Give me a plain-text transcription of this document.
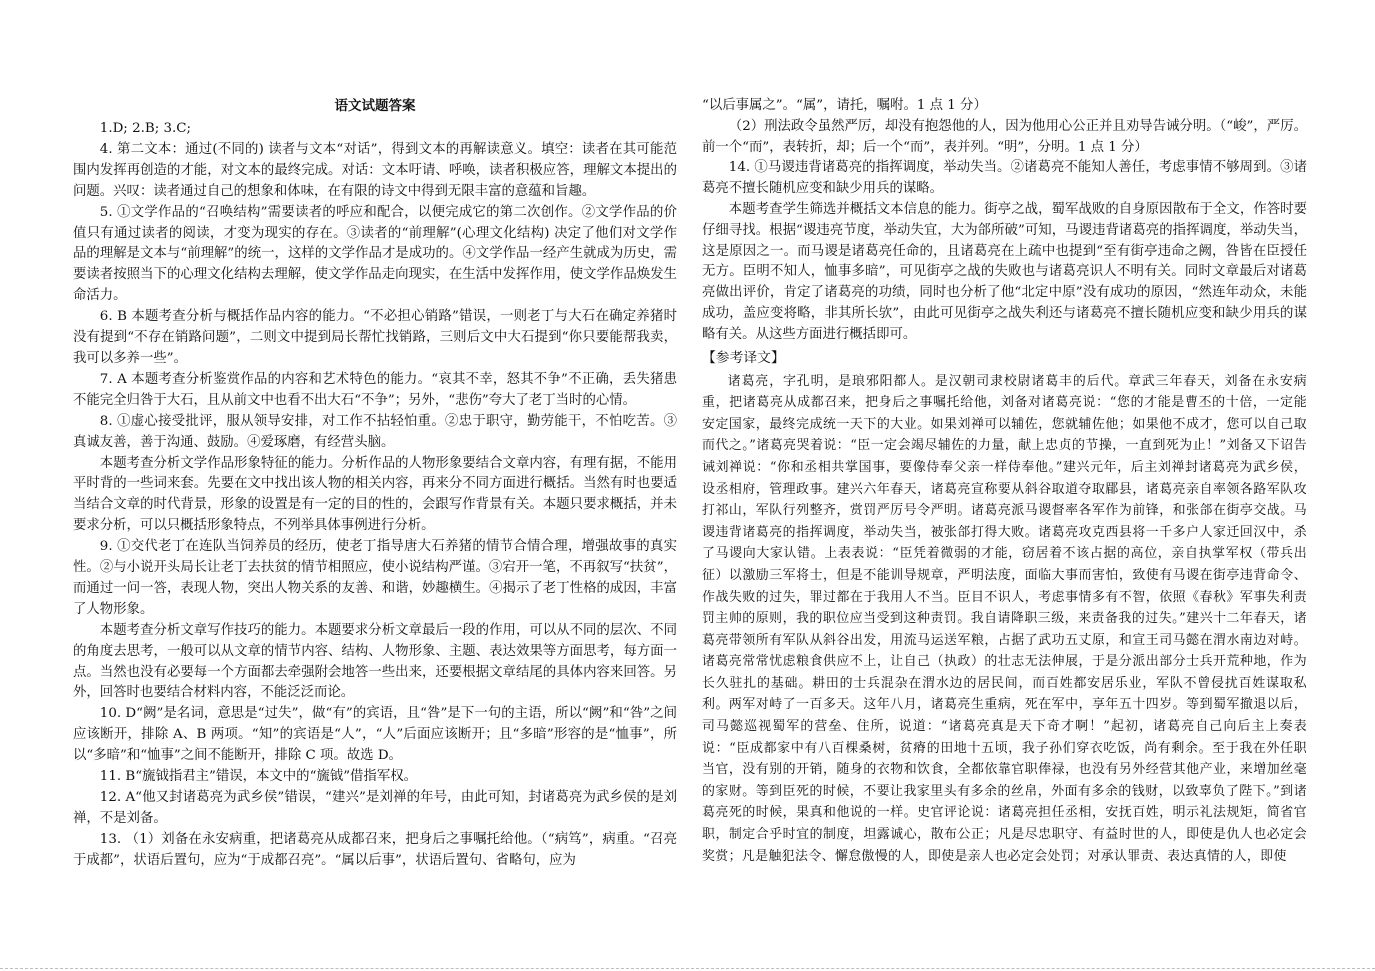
语文试题答案

1.D; 2.B; 3.C;

4. 第二文本：通过(不同的) 读者与文本“对话”，得到文本的再解读意义。填空：读者在其可能范围内发挥再创造的才能，对文本的最终完成。对话：文本吁请、呼唤，读者积极应答，理解文本提出的问题。兴叹：读者通过自己的想象和体味，在有限的诗文中得到无限丰富的意蕴和旨趣。

5. ①文学作品的“召唤结构”需要读者的呼应和配合，以便完成它的第二次创作。②文学作品的价值只有通过读者的阅读，才变为现实的存在。③读者的“前理解”(心理文化结构) 决定了他们对文学作品的理解是文本与“前理解”的统一，这样的文学作品才是成功的。④文学作品一经产生就成为历史，需要读者按照当下的心理文化结构去理解，使文学作品走向现实，在生活中发挥作用，使文学作品焕发生命活力。

6. B 本题考查分析与概括作品内容的能力。“不必担心销路”错误，一则老丁与大石在确定养猪时没有提到“不存在销路问题”，二则文中提到局长帮忙找销路，三则后文中大石提到“你只要能帮我卖，我可以多养一些”。

7. A 本题考查分析鉴赏作品的内容和艺术特色的能力。“哀其不幸，怒其不争”不正确，丢失猪患不能完全归咎于大石，且从前文中也看不出大石“不争”；另外，“悲伤”夸大了老丁当时的心情。

8. ①虚心接受批评，服从领导安排，对工作不拈轻怕重。②忠于职守，勤劳能干，不怕吃苦。③真诚友善，善于沟通、鼓励。④爱琢磨，有经营头脑。

本题考查分析文学作品形象特征的能力。分析作品的人物形象要结合文章内容，有理有据，不能用平时背的一些词来套。先要在文中找出该人物的相关内容，再来分不同方面进行概括。当然有时也要适当结合文章的时代背景，形象的设置是有一定的目的性的，会跟写作背景有关。本题只要求概括，并未要求分析，可以只概括形象特点，不列举具体事例进行分析。

9. ①交代老丁在连队当饲养员的经历，使老丁指导唐大石养猪的情节合情合理，增强故事的真实性。②与小说开头局长让老丁去扶贫的情节相照应，使小说结构严谨。③宕开一笔，不再叙写“扶贫”，而通过一问一答，表现人物，突出人物关系的友善、和谐，妙趣横生。④揭示了老丁性格的成因，丰富了人物形象。

本题考查分析文章写作技巧的能力。本题要求分析文章最后一段的作用，可以从不同的层次、不同的角度去思考，一般可以从文章的情节内容、结构、人物形象、主题、表达效果等方面思考，每方面一点。当然也没有必要每一个方面都去牵强附会地答一些出来，还要根据文章结尾的具体内容来回答。另外，回答时也要结合材料内容，不能泛泛而论。

10. D“阙”是名词，意思是“过失”，做“有”的宾语，且“咎”是下一句的主语，所以“阙”和“咎”之间应该断开，排除 A、B 两项。“知”的宾语是“人”，“人”后面应该断开；且“多暗”形容的是“恤事”，所以“多暗”和“恤事”之间不能断开，排除 C 项。故选 D。

11. B“旒钺指君主”错误，本文中的“旒钺”借指军权。

12. A“他又封诸葛亮为武乡侯”错误，“建兴”是刘禅的年号，由此可知，封诸葛亮为武乡侯的是刘禅，不是刘备。

13. （1）刘备在永安病重，把诸葛亮从成都召来，把身后之事嘱托给他。（“病笃”，病重。“召亮于成都”，状语后置句，应为“于成都召亮”。“属以后事”，状语后置句、省略句，应为

“以后事属之”。“属”，请托，嘱咐。1 点 1 分）

（2）刑法政令虽然严厉，却没有抱怨他的人，因为他用心公正并且劝导告诫分明。（“峻”，严厉。前一个“而”，表转折，却；后一个“而”，表并列。“明”，分明。1 点 1 分）

14. ①马谡违背诸葛亮的指挥调度，举动失当。②诸葛亮不能知人善任，考虑事情不够周到。③诸葛亮不擅长随机应变和缺少用兵的谋略。

本题考查学生筛选并概括文本信息的能力。街亭之战，蜀军战败的自身原因散布于全文，作答时要仔细寻找。根据“谡违亮节度，举动失宜，大为郃所破”可知，马谡违背诸葛亮的指挥调度，举动失当，这是原因之一。而马谡是诸葛亮任命的，且诸葛亮在上疏中也提到“至有街亭违命之阙，咎皆在臣授任无方。臣明不知人，恤事多暗”，可见街亭之战的失败也与诸葛亮识人不明有关。同时文章最后对诸葛亮做出评价，肯定了诸葛亮的功绩，同时也分析了他“北定中原”没有成功的原因，“然连年动众，未能成功，盖应变将略，非其所长欤”，由此可见街亭之战失利还与诸葛亮不擅长随机应变和缺少用兵的谋略有关。从这些方面进行概括即可。

【参考译文】

诸葛亮，字孔明，是琅邪阳都人。是汉朝司隶校尉诸葛丰的后代。章武三年春天，刘备在永安病重，把诸葛亮从成都召来，把身后之事嘱托给他，刘备对诸葛亮说：“您的才能是曹丕的十倍，一定能安定国家，最终完成统一天下的大业。如果刘禅可以辅佐，您就辅佐他；如果他不成才，您可以自己取而代之。”诸葛亮哭着说：“臣一定会竭尽辅佐的力量，献上忠贞的节操，一直到死为止！”刘备又下诏告诫刘禅说：“你和丞相共掌国事，要像侍奉父亲一样侍奉他。”建兴元年，后主刘禅封诸葛亮为武乡侯，设丞相府，管理政事。建兴六年春天，诸葛亮宣称要从斜谷取道夺取郿县，诸葛亮亲自率领各路军队攻打祁山，军队行列整齐，赏罚严厉号令严明。诸葛亮派马谡督率各军作为前锋，和张郃在街亭交战。马谡违背诸葛亮的指挥调度，举动失当，被张郃打得大败。诸葛亮攻克西县将一千多户人家迁回汉中，杀了马谡向大家认错。上表表说：“臣凭着微弱的才能，窃居着不该占据的高位，亲自执掌军权（带兵出征）以激励三军将士，但是不能训导规章，严明法度，面临大事而害怕，致使有马谡在街亭违背命令、作战失败的过失，罪过都在于我用人不当。臣目不识人，考虑事情多有不智，依照《春秋》军事失利责罚主帅的原则，我的职位应当受到这种责罚。我自请降职三级，来责备我的过失。”建兴十二年春天，诸葛亮带领所有军队从斜谷出发，用流马运送军粮，占据了武功五丈原，和宣王司马懿在渭水南边对峙。诸葛亮常常忧虑粮食供应不上，让自己（执政）的壮志无法伸展，于是分派出部分士兵开荒种地，作为长久驻扎的基础。耕田的士兵混杂在渭水边的居民间，而百姓都安居乐业，军队不曾侵扰百姓谋取私利。两军对峙了一百多天。这年八月，诸葛亮生重病，死在军中，享年五十四岁。等到蜀军撤退以后，司马懿巡视蜀军的营垒、住所，说道：“诸葛亮真是天下奇才啊！”起初，诸葛亮自己向后主上奏表说：“臣成都家中有八百棵桑树，贫瘠的田地十五顷，我子孙们穿衣吃饭，尚有剩余。至于我在外任职当官，没有别的开销，随身的衣物和饮食，全都依靠官职俸禄，也没有另外经营其他产业，来增加丝毫的家财。等到臣死的时候，不要让我家里头有多余的丝帛，外面有多余的钱财，以致辜负了陛下。”到诸葛亮死的时候，果真和他说的一样。史官评论说：诸葛亮担任丞相，安抚百姓，明示礼法规矩，简省官职，制定合乎时宜的制度，坦露诚心，散布公正；凡是尽忠职守、有益时世的人，即使是仇人也必定会奖赏；凡是触犯法令、懈怠傲慢的人，即使是亲人也必定会处罚；对承认罪责、表达真情的人，即使
